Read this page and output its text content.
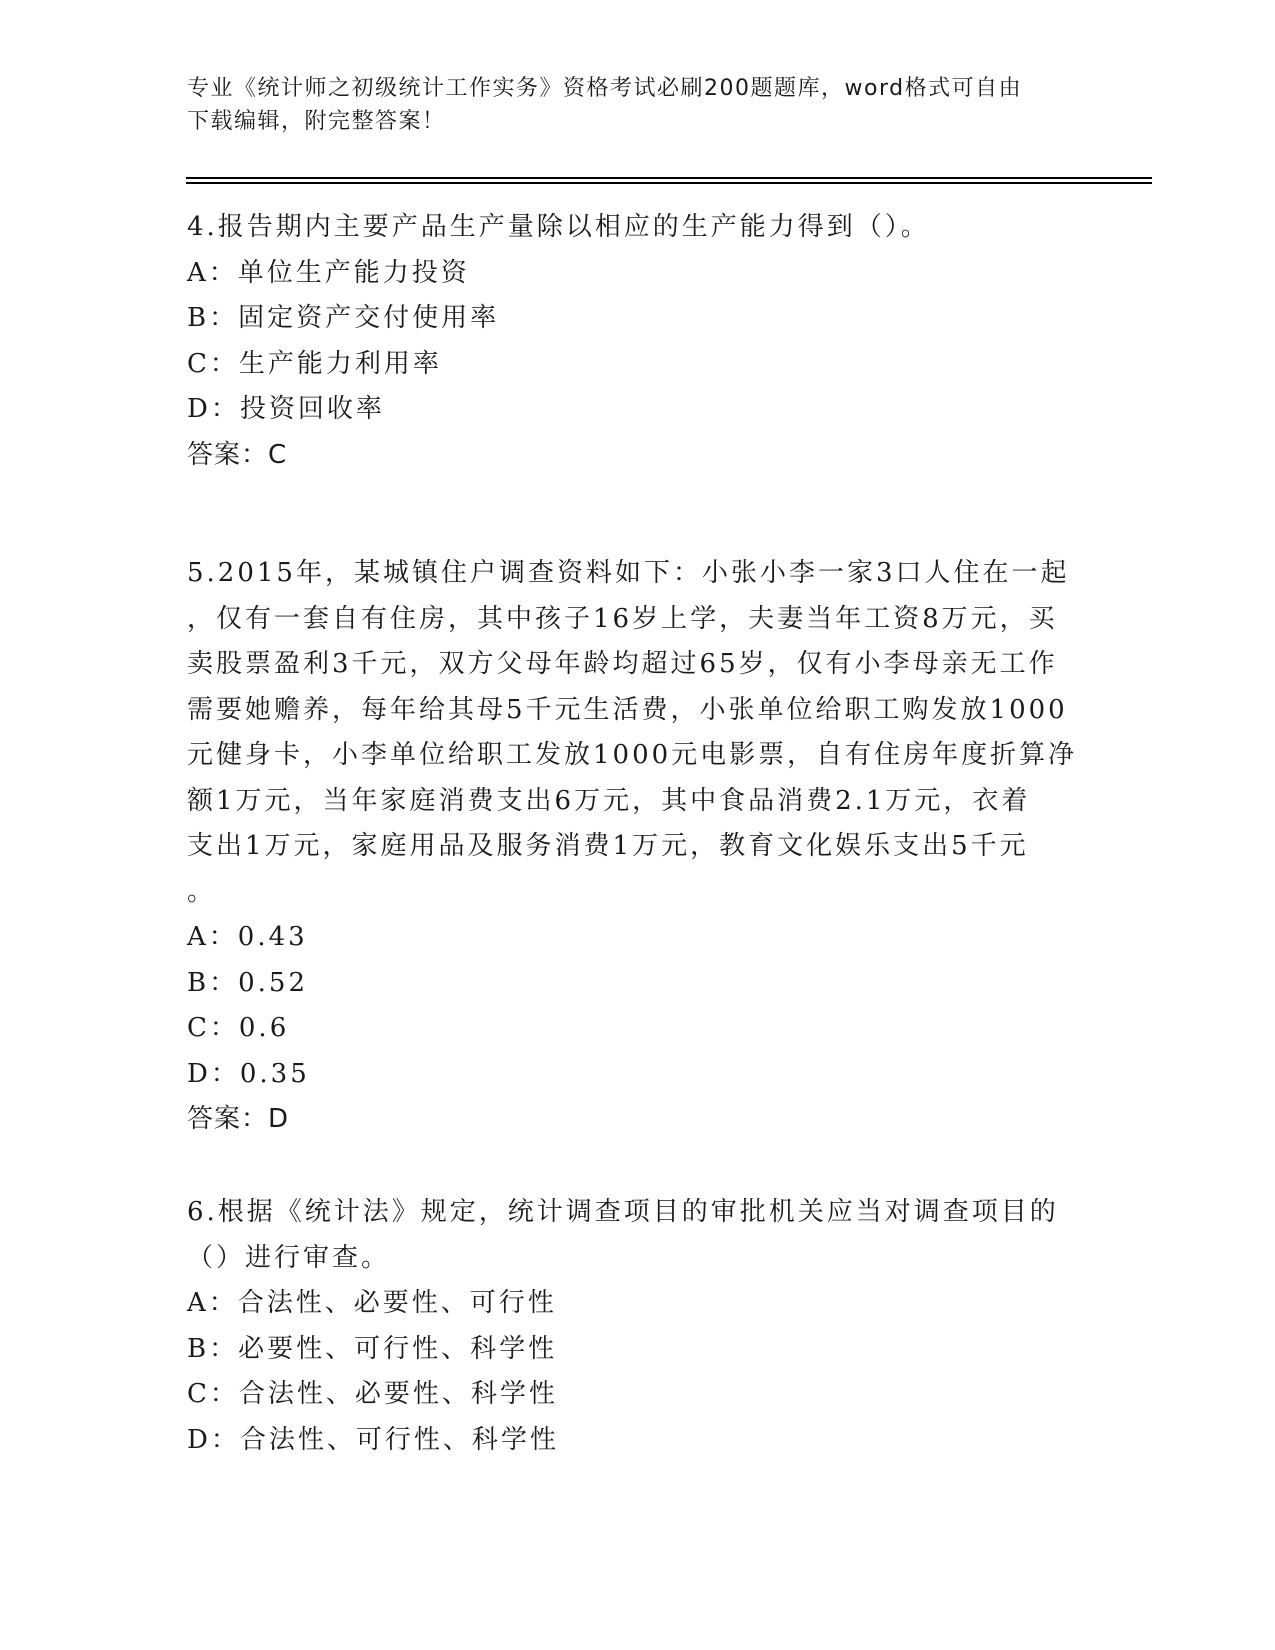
专业《统计师之初级统计工作实务》资格考试必刷200题题库，word格式可自由
下载编辑，附完整答案！
4.报告期内主要产品生产量除以相应的生产能力得到（）。
A：单位生产能力投资
B：固定资产交付使用率
C：生产能力利用率
D：投资回收率
答案：C
5.2015年，某城镇住户调查资料如下：小张小李一家3口人住在一起
，仅有一套自有住房，其中孩子16岁上学，夫妻当年工资8万元，买
卖股票盈利3千元，双方父母年龄均超过65岁，仅有小李母亲无工作
需要她赡养，每年给其母5千元生活费，小张单位给职工购发放1000
元健身卡，小李单位给职工发放1000元电影票，自有住房年度折算净
额1万元，当年家庭消费支出6万元，其中食品消费2.1万元，衣着
支出1万元，家庭用品及服务消费1万元，教育文化娱乐支出5千元
。
A：0.43
B：0.52
C：0.6
D：0.35
答案：D
6.根据《统计法》规定，统计调查项目的审批机关应当对调查项目的
（）进行审查。
A：合法性、必要性、可行性
B：必要性、可行性、科学性
C：合法性、必要性、科学性
D：合法性、可行性、科学性
